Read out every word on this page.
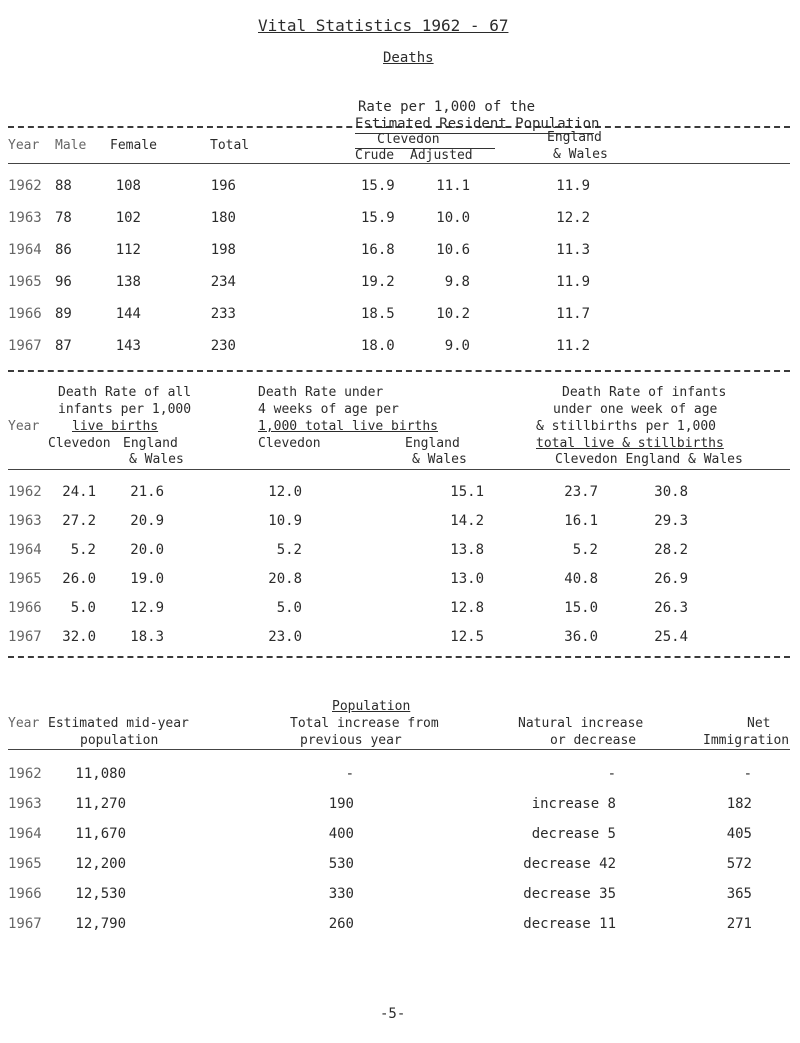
Vital Statistics 1962 - 67
Deaths
Year Male Female	Total
Rate per 1,000 of the
Estimated Resident Population
Clevedon	England
Crude Adjusted	& Wales
1962 88	108	196	15.9	11.1	11.9
1963 78	102	180	15.9	10.0	12.2
1964 86	112	198	16.8	10.6	11.3
1965 96	138	234	19.2	9.8	11.9
1966 89	144	233	18.5	10.2	11.7
1967 87	143	230	18.0	9.0	11.2
Death Rate of all
infants per 1,000
live births
Year
Clevedon England
& Wales
Death Rate under
4 weeks of age per
1,000 total live births
Clevedon	England
& Wales
Death Rate of infants
under one week of age
& stillbirths per 1,000
total live & stillbirths
Clevedon England & Wales
1962 24.1 21.6	12.0	15.1	23.7	30.8
1963 27.2 20.9	10.9	14.2	16.1	29.3
1964 5.2 20.0	5.2	13.8	5.2	28.2
1965 26.0 19.0	20.8	13.0	40.8	26.9
1966 5.0 12.9	5.0	12.8	15.0	26.3
1967 32.0 18.3	23.0	12.5	36.0	25.4
Population
Year Estimated mid-year
population
Total increase from
previous year
Natural increase
or decrease
Net
Immigration
1962 11,080	-	-	-
1963 11,270	190	increase 8	182
1964 11,670	400	decrease 5	405
1965 12,200	530	decrease 42	572
1966 12,530	330	decrease 35	365
1967 12,790	260	decrease 11	271
-5-
